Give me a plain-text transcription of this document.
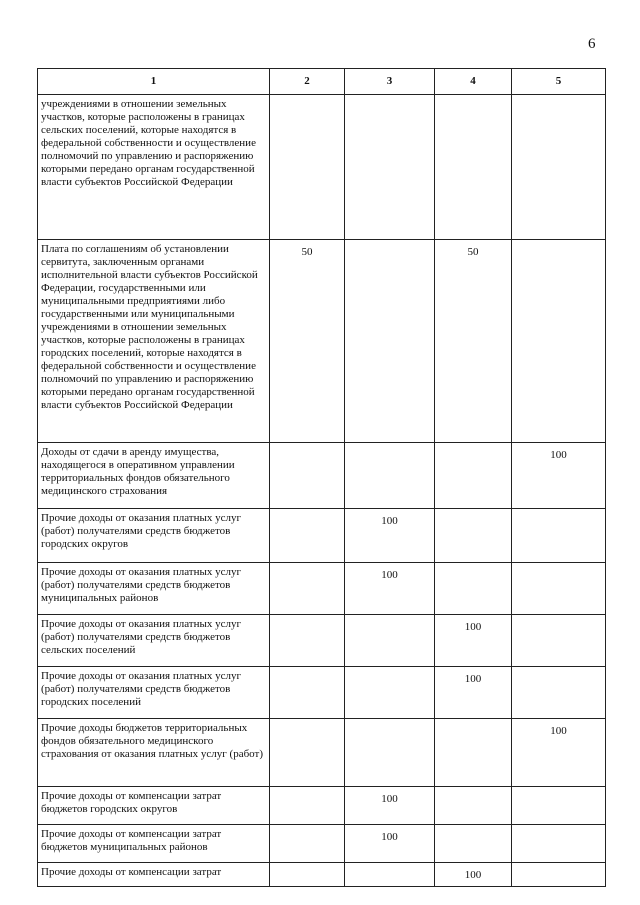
6
1	2	3	4	5
учреждениями в отношении земельных участков, которые расположены в границах сельских поселений, которые находятся в федеральной собственности и осуществление полномочий по управлению и распоряжению которыми передано органам государственной власти субъектов Российской Федерации				
Плата по соглашениям об установлении сервитута, заключенным органами исполнительной власти субъектов Российской Федерации, государственными или муниципальными предприятиями либо государственными или муниципальными учреждениями в отношении земельных участков, которые расположены в границах городских поселений, которые находятся в федеральной собственности и осуществление полномочий по управлению и распоряжению которыми передано органам государственной власти субъектов Российской Федерации	50		50	
Доходы от сдачи в аренду имущества, находящегося в оперативном управлении территориальных фондов обязательного медицинского страхования				100
Прочие доходы от оказания платных услуг (работ) получателями средств бюджетов городских округов		100		
Прочие доходы от оказания платных услуг (работ) получателями средств бюджетов муниципальных районов		100		
Прочие доходы от оказания платных услуг (работ) получателями средств бюджетов сельских поселений			100	
Прочие доходы от оказания платных услуг (работ) получателями средств бюджетов городских поселений			100	
Прочие доходы бюджетов территориальных фондов обязательного медицинского страхования от оказания платных услуг (работ)				100
Прочие доходы от компенсации затрат бюджетов городских округов		100		
Прочие доходы от компенсации затрат бюджетов муниципальных районов		100		
Прочие доходы от компенсации затрат			100	
